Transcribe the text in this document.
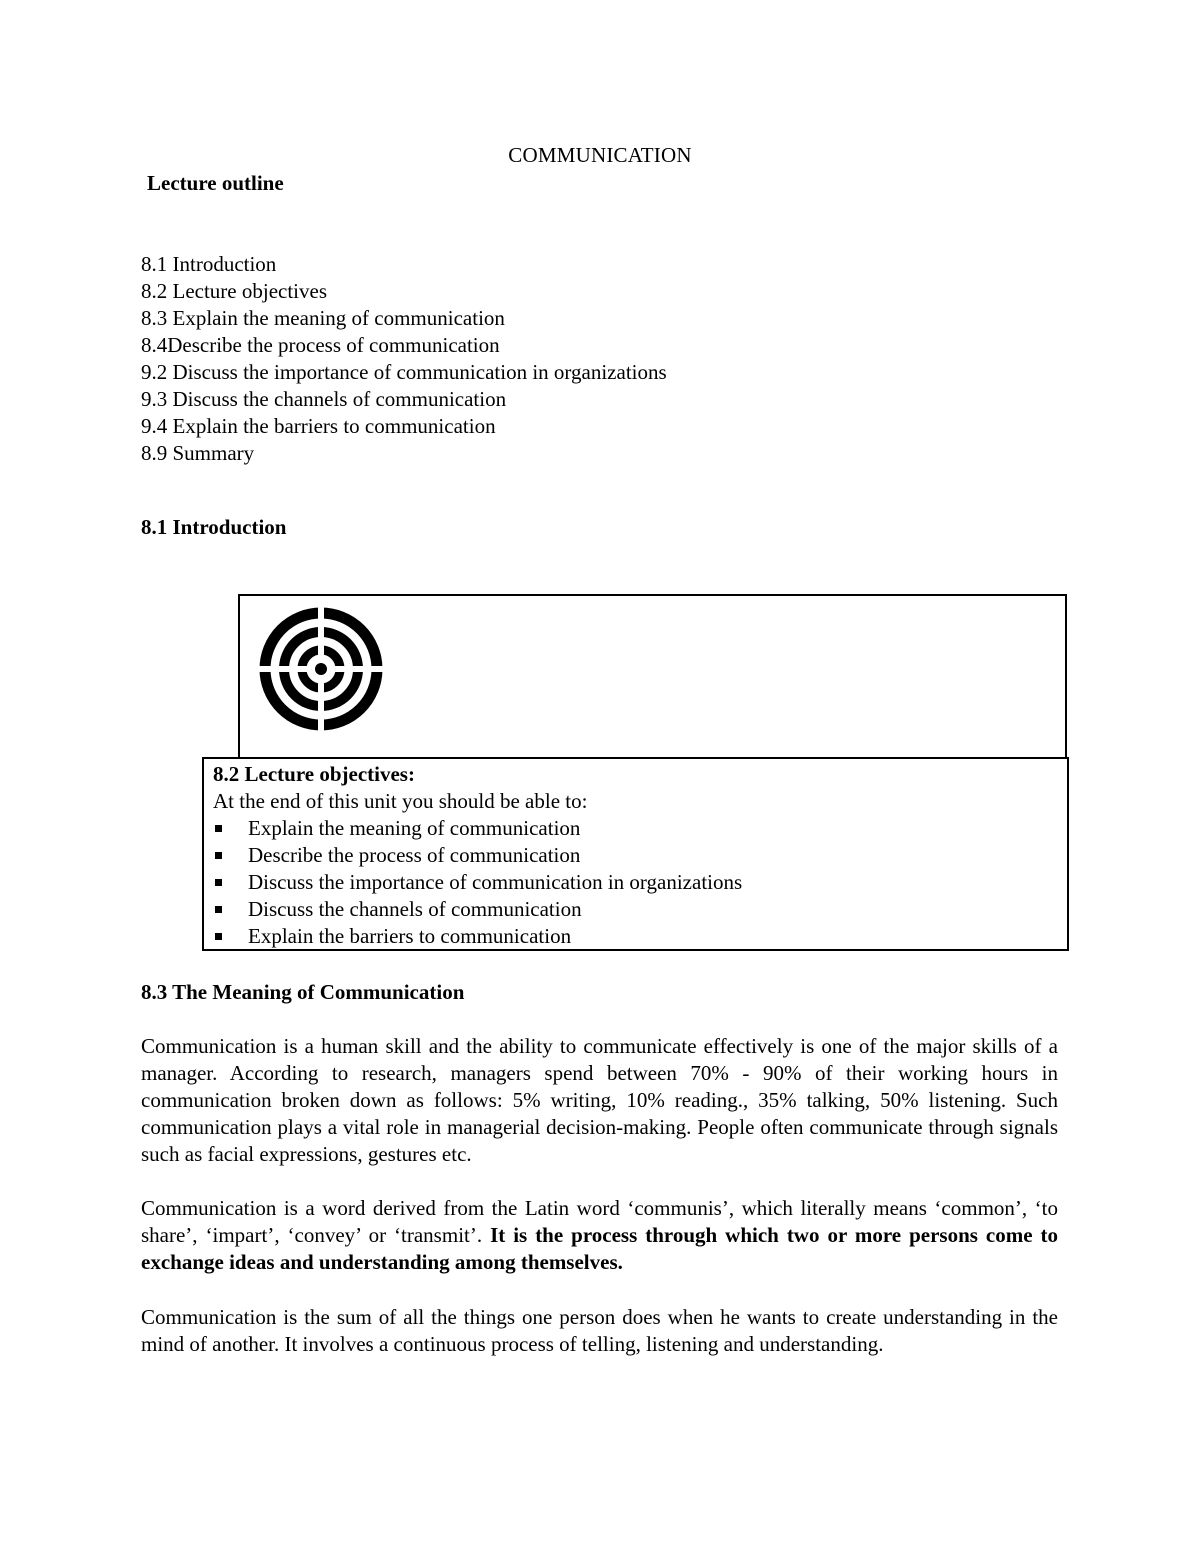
COMMUNICATION
Lecture outline
8.1 Introduction
8.2 Lecture objectives
8.3 Explain the meaning of communication
8.4Describe the process of communication
9.2 Discuss the importance of communication in organizations
9.3 Discuss the channels of communication
9.4 Explain the barriers to communication
8.9 Summary
8.1 Introduction
8.2 Lecture objectives:
At the end of this unit you should be able to:
Explain the meaning of communication
Describe the process of communication
Discuss the importance of communication in organizations
Discuss the channels of communication
Explain the barriers to communication
8.3 The Meaning of Communication

Communication is a human skill and the ability to communicate effectively is one of the major skills of a manager. According to research, managers spend between 70% - 90% of their working hours in communication broken down as follows: 5% writing, 10% reading., 35% talking, 50% listening. Such communication plays a vital role in managerial decision-making. People often communicate through signals such as facial expressions, gestures etc.

Communication is a word derived from the Latin word ‘communis’, which literally means ‘common’, ‘to share’, ‘impart’, ‘convey’ or ‘transmit’. It is the process through which two or more persons come to exchange ideas and understanding among themselves.

Communication is the sum of all the things one person does when he wants to create understanding in the mind of another. It involves a continuous process of telling, listening and understanding.
